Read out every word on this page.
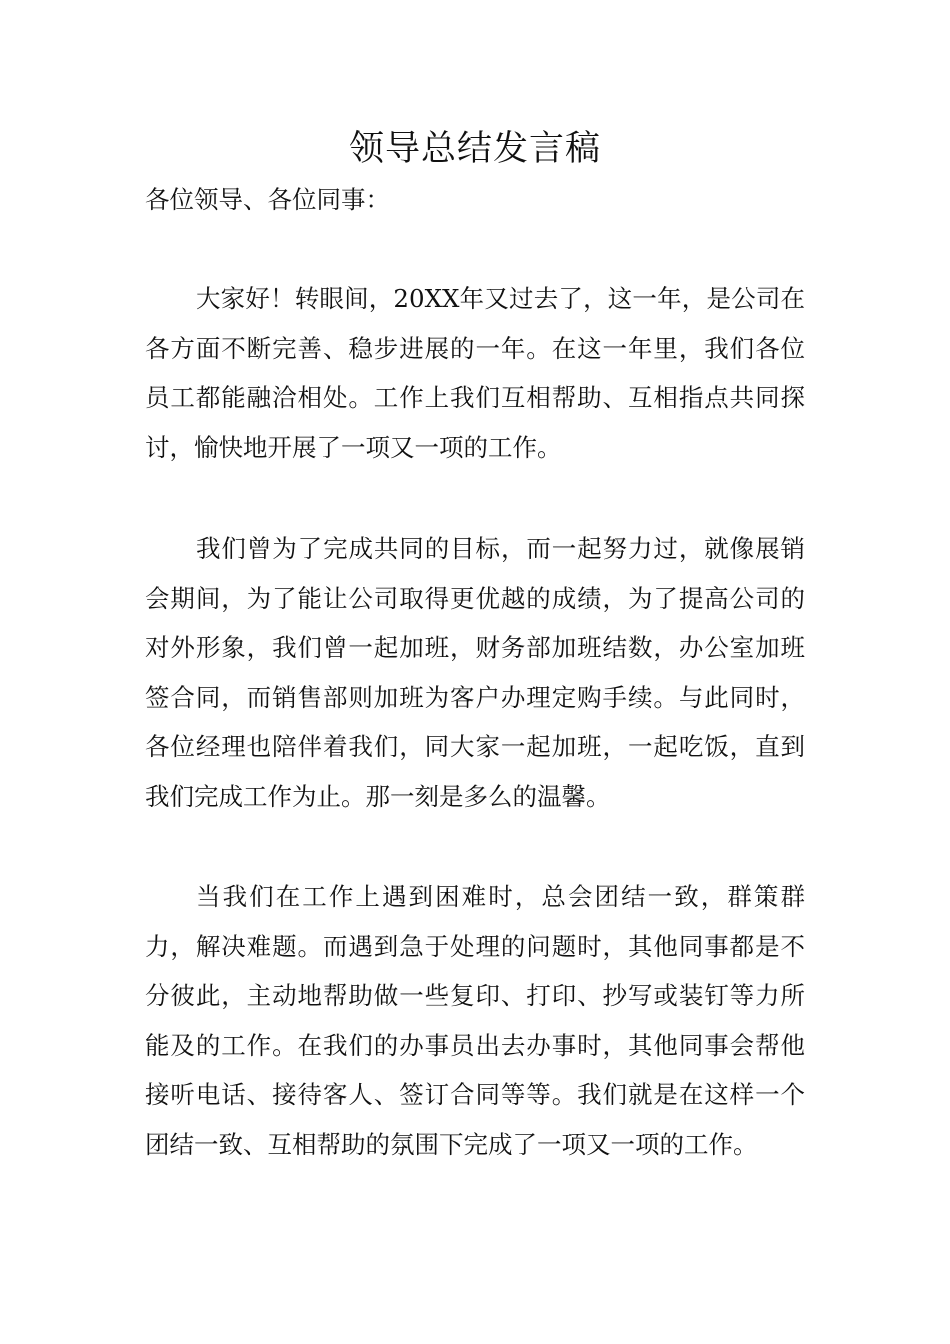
领导总结发言稿

各位领导、各位同事：

大家好！转眼间，20XX年又过去了，这一年，是公司在各方面不断完善、稳步进展的一年。在这一年里，我们各位员工都能融洽相处。工作上我们互相帮助、互相指点共同探讨，愉快地开展了一项又一项的工作。

我们曾为了完成共同的目标，而一起努力过，就像展销会期间，为了能让公司取得更优越的成绩，为了提高公司的对外形象，我们曾一起加班，财务部加班结数，办公室加班签合同，而销售部则加班为客户办理定购手续。与此同时，各位经理也陪伴着我们，同大家一起加班，一起吃饭，直到我们完成工作为止。那一刻是多么的温馨。

当我们在工作上遇到困难时，总会团结一致，群策群力，解决难题。而遇到急于处理的问题时，其他同事都是不分彼此，主动地帮助做一些复印、打印、抄写或装钉等力所能及的工作。在我们的办事员出去办事时，其他同事会帮他接听电话、接待客人、签订合同等等。我们就是在这样一个团结一致、互相帮助的氛围下完成了一项又一项的工作。
